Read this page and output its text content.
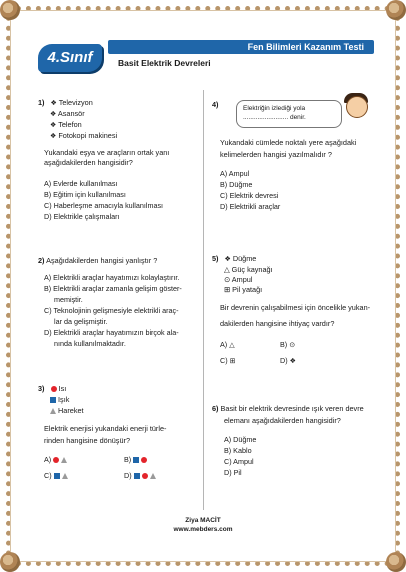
4.Sınıf
Fen Bilimleri Kazanım Testi
Basit Elektrik Devreleri
1) ❖ Televizyon
❖ Asansör
❖ Telefon
❖ Fotokopi makinesi
Yukandaki eşya ve araçların ortak yanı aşağıdakilerden hangisidir?
A) Evlerde kullanılması
B) Eğitim için kullanılması
C) Haberleşme amacıyla kullanılması
D) Elektrikle çalışmaları
2) Aşağıdakilerden hangisi yanlıştır ?
A) Elektrikli araçlar hayatımızı kolaylaştırır.
B) Elektrikli araçlar zamanla gelişim göster-
memiştir.
C) Teknolojinin gelişmesiyle elektrikli araç-
lar da gelişmiştir.
D) Elektrikli araçlar hayatımızın birçok ala-
nında kullanılmaktadır.
3) Isı
Işık
Hareket
Elektrik enerjisi yukandaki enerji türle-
rinden hangisine dönüşür?
A)	B)
C)	D)
4)	Elektriğin izlediği yola
......................... denir.
Yukandaki cümlede noktalı yere aşağıdaki
kelimelerden hangisi yazılmalıdır ?
A) Ampul
B) Düğme
C) Elektrik devresi
D) Elektrikli araçlar
5) ❖ Düğme
△ Güç kaynağı
⊙ Ampul
⊞ Pil yatağı
Bir devrenin çalışabilmesi için öncelikle yukan-
dakilerden hangisine ihtiyaç vardır?
A) △	B) ⊙
C) ⊞	D) ❖
6) Basit bir elektrik devresinde ışık veren devre
elemanı aşağıdakilerden hangisidir?
A) Düğme
B) Kablo
C) Ampul
D) Pil
Ziya MACİT
www.mebders.com
